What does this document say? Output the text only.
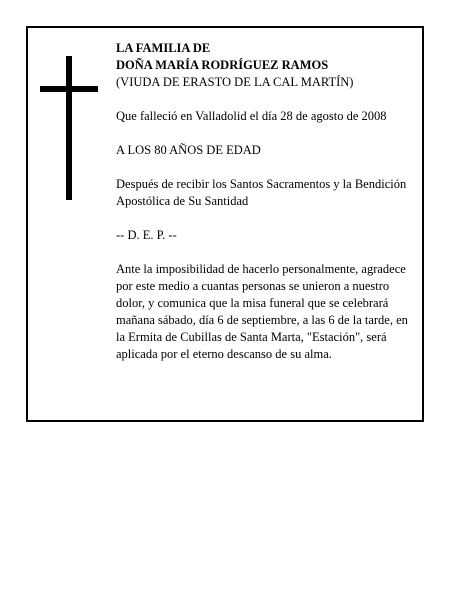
LA FAMILIA DE

DOÑA MARÍA RODRÍGUEZ RAMOS

(VIUDA DE ERASTO DE LA CAL MARTÍN)

Que falleció en Valladolid el día 28 de agosto de 2008

A LOS 80 AÑOS DE EDAD

Después de recibir los Santos Sacramentos y la Bendición Apostólica de Su Santidad

-- D. E. P. --

Ante la imposibilidad de hacerlo personalmente, agradece por este medio a cuantas personas se unieron a nuestro dolor, y comunica que la misa funeral que se celebrará mañana sábado, día 6 de septiembre, a las 6 de la tarde, en la Ermita de Cubillas de Santa Marta, "Estación", será aplicada por el eterno descanso de su alma.
